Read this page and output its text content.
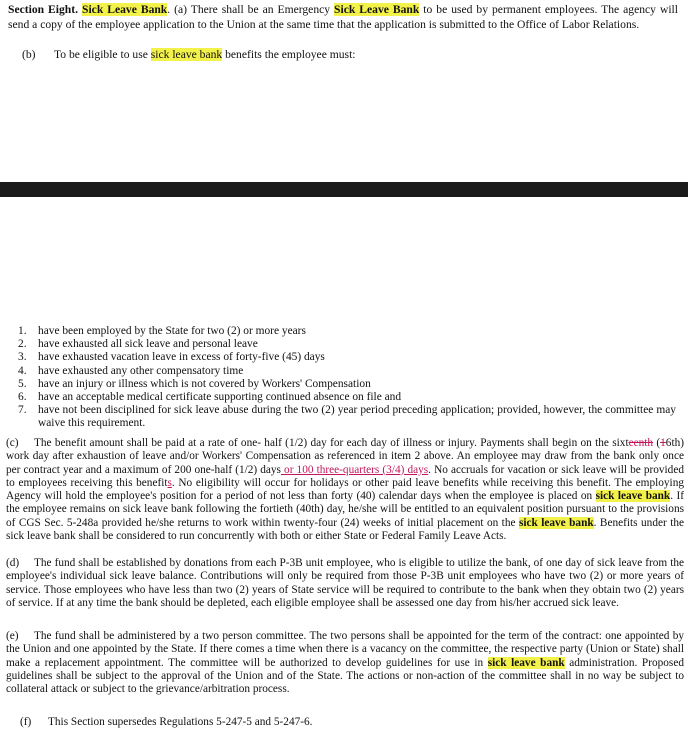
Section Eight. Sick Leave Bank. (a) There shall be an Emergency Sick Leave Bank to be used by permanent employees. The agency will send a copy of the employee application to the Union at the same time that the application is submitted to the Office of Labor Relations.
(b) To be eligible to use sick leave bank benefits the employee must:
1.	have been employed by the State for two (2) or more years
2.	have exhausted all sick leave and personal leave
3.	have exhausted vacation leave in excess of forty-five (45) days
4.	have exhausted any other compensatory time
5.	have an injury or illness which is not covered by Workers' Compensation
6.	have an acceptable medical certificate supporting continued absence on file and
7.	have not been disciplined for sick leave abuse during the two (2) year period preceding application; provided, however, the committee may waive this requirement.
(c) The benefit amount shall be paid at a rate of one- half (1/2) day for each day of illness or injury. Payments shall begin on the sixteenth (16th) work day after exhaustion of leave and/or Workers' Compensation as referenced in item 2 above. An employee may draw from the bank only once per contract year and a maximum of 200 one-half (1/2) days or 100 three-quarters (3/4) days. No accruals for vacation or sick leave will be provided to employees receiving this benefits. No eligibility will occur for holidays or other paid leave benefits while receiving this benefit. The employing Agency will hold the employee's position for a period of not less than forty (40) calendar days when the employee is placed on sick leave bank. If the employee remains on sick leave bank following the fortieth (40th) day, he/she will be entitled to an equivalent position pursuant to the provisions of CGS Sec. 5-248a provided he/she returns to work within twenty-four (24) weeks of initial placement on the sick leave bank. Benefits under the sick leave bank shall be considered to run concurrently with both or either State or Federal Family Leave Acts.
(d) The fund shall be established by donations from each P-3B unit employee, who is eligible to utilize the bank, of one day of sick leave from the employee's individual sick leave balance. Contributions will only be required from those P-3B unit employees who have two (2) or more years of service. Those employees who have less than two (2) years of State service will be required to contribute to the bank when they obtain two (2) years of service. If at any time the bank should be depleted, each eligible employee shall be assessed one day from his/her accrued sick leave.
(e) The fund shall be administered by a two person committee. The two persons shall be appointed for the term of the contract: one appointed by the Union and one appointed by the State. If there comes a time when there is a vacancy on the committee, the respective party (Union or State) shall make a replacement appointment. The committee will be authorized to develop guidelines for use in sick leave bank administration. Proposed guidelines shall be subject to the approval of the Union and of the State. The actions or non-action of the committee shall in no way be subject to collateral attack or subject to the grievance/arbitration process.
(f) This Section supersedes Regulations 5-247-5 and 5-247-6.
